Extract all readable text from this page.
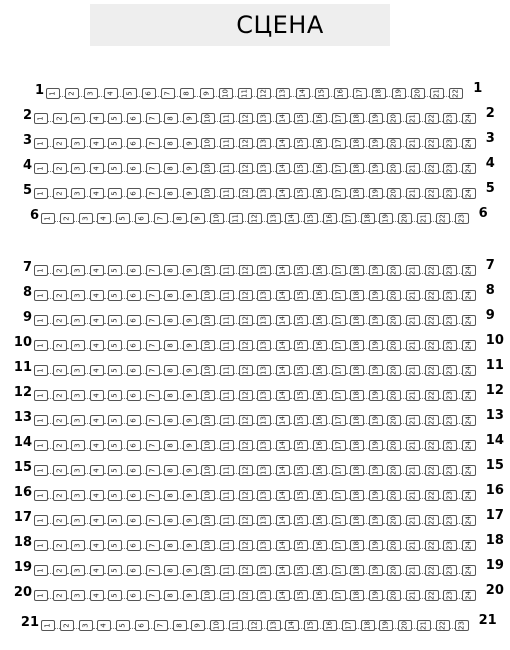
СЦЕНА
1 1 2 3 4 5 6 7 8 9 10 11 12 13 14 15 16 17 18 19 20 21 22 1
2 1 2 3 4 5 6 7 8 9 10 11 12 13 14 15 16 17 18 19 20 21 22 23 24 2
3 1 2 3 4 5 6 7 8 9 10 11 12 13 14 15 16 17 18 19 20 21 22 23 24 3
4 1 2 3 4 5 6 7 8 9 10 11 12 13 14 15 16 17 18 19 20 21 22 23 24 4
5 1 2 3 4 5 6 7 8 9 10 11 12 13 14 15 16 17 18 19 20 21 22 23 24 5
6 1 2 3 4 5 6 7 8 9 10 11 12 13 14 15 16 17 18 19 20 21 22 23 6
7 1 2 3 4 5 6 7 8 9 10 11 12 13 14 15 16 17 18 19 20 21 22 23 24 7
8 1 2 3 4 5 6 7 8 9 10 11 12 13 14 15 16 17 18 19 20 21 22 23 24 8
9 1 2 3 4 5 6 7 8 9 10 11 12 13 14 15 16 17 18 19 20 21 22 23 24 9
10 1 2 3 4 5 6 7 8 9 10 11 12 13 14 15 16 17 18 19 20 21 22 23 24 10
11 1 2 3 4 5 6 7 8 9 10 11 12 13 14 15 16 17 18 19 20 21 22 23 24 11
12 1 2 3 4 5 6 7 8 9 10 11 12 13 14 15 16 17 18 19 20 21 22 23 24 12
13 1 2 3 4 5 6 7 8 9 10 11 12 13 14 15 16 17 18 19 20 21 22 23 24 13
14 1 2 3 4 5 6 7 8 9 10 11 12 13 14 15 16 17 18 19 20 21 22 23 24 14
15 1 2 3 4 5 6 7 8 9 10 11 12 13 14 15 16 17 18 19 20 21 22 23 24 15
16 1 2 3 4 5 6 7 8 9 10 11 12 13 14 15 16 17 18 19 20 21 22 23 24 16
17 1 2 3 4 5 6 7 8 9 10 11 12 13 14 15 16 17 18 19 20 21 22 23 24 17
18 1 2 3 4 5 6 7 8 9 10 11 12 13 14 15 16 17 18 19 20 21 22 23 24 18
19 1 2 3 4 5 6 7 8 9 10 11 12 13 14 15 16 17 18 19 20 21 22 23 24 19
20 1 2 3 4 5 6 7 8 9 10 11 12 13 14 15 16 17 18 19 20 21 22 23 24 20
21 1 2 3 4 5 6 7 8 9 10 11 12 13 14 15 16 17 18 19 20 21 22 23 21
